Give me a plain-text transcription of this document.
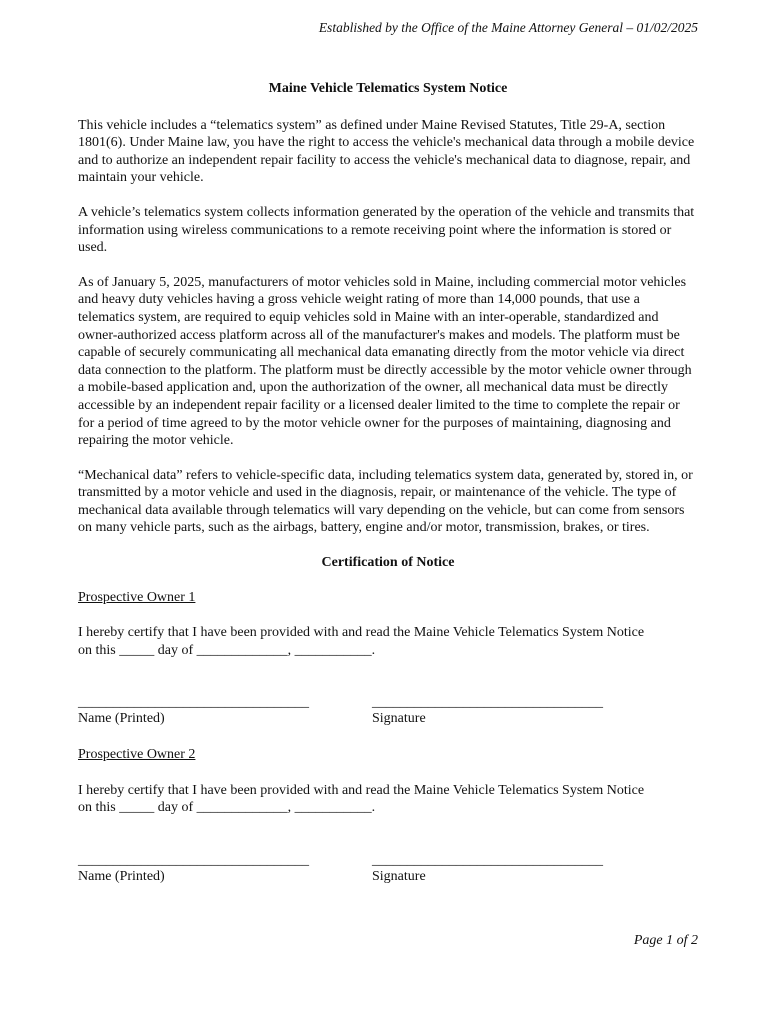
Established by the Office of the Maine Attorney General – 01/02/2025
Maine Vehicle Telematics System Notice

This vehicle includes a “telematics system” as defined under Maine Revised Statutes, Title 29-A, section 1801(6). Under Maine law, you have the right to access the vehicle's mechanical data through a mobile device and to authorize an independent repair facility to access the vehicle's mechanical data to diagnose, repair, and maintain your vehicle.

A vehicle’s telematics system collects information generated by the operation of the vehicle and transmits that information using wireless communications to a remote receiving point where the information is stored or used.

As of January 5, 2025, manufacturers of motor vehicles sold in Maine, including commercial motor vehicles and heavy duty vehicles having a gross vehicle weight rating of more than 14,000 pounds, that use a telematics system, are required to equip vehicles sold in Maine with an inter-operable, standardized and owner-authorized access platform across all of the manufacturer's makes and models. The platform must be capable of securely communicating all mechanical data emanating directly from the motor vehicle via direct data connection to the platform. The platform must be directly accessible by the motor vehicle owner through a mobile-based application and, upon the authorization of the owner, all mechanical data must be directly accessible by an independent repair facility or a licensed dealer limited to the time to complete the repair or for a period of time agreed to by the motor vehicle owner for the purposes of maintaining, diagnosing and repairing the motor vehicle.

“Mechanical data” refers to vehicle-specific data, including telematics system data, generated by, stored in, or transmitted by a motor vehicle and used in the diagnosis, repair, or maintenance of the vehicle. The type of mechanical data available through telematics will vary depending on the vehicle, but can come from sensors on many vehicle parts, such as the airbags, battery, engine and/or motor, transmission, brakes, or tires.

Certification of Notice
Prospective Owner 1

I hereby certify that I have been provided with and read the Maine Vehicle Telematics System Notice

on this _____ day of _____________, ___________.

_________________________________
Name (Printed)
_________________________________
Signature
Prospective Owner 2

I hereby certify that I have been provided with and read the Maine Vehicle Telematics System Notice

on this _____ day of _____________, ___________.

_________________________________
Name (Printed)
_________________________________
Signature
Page 1 of 2
